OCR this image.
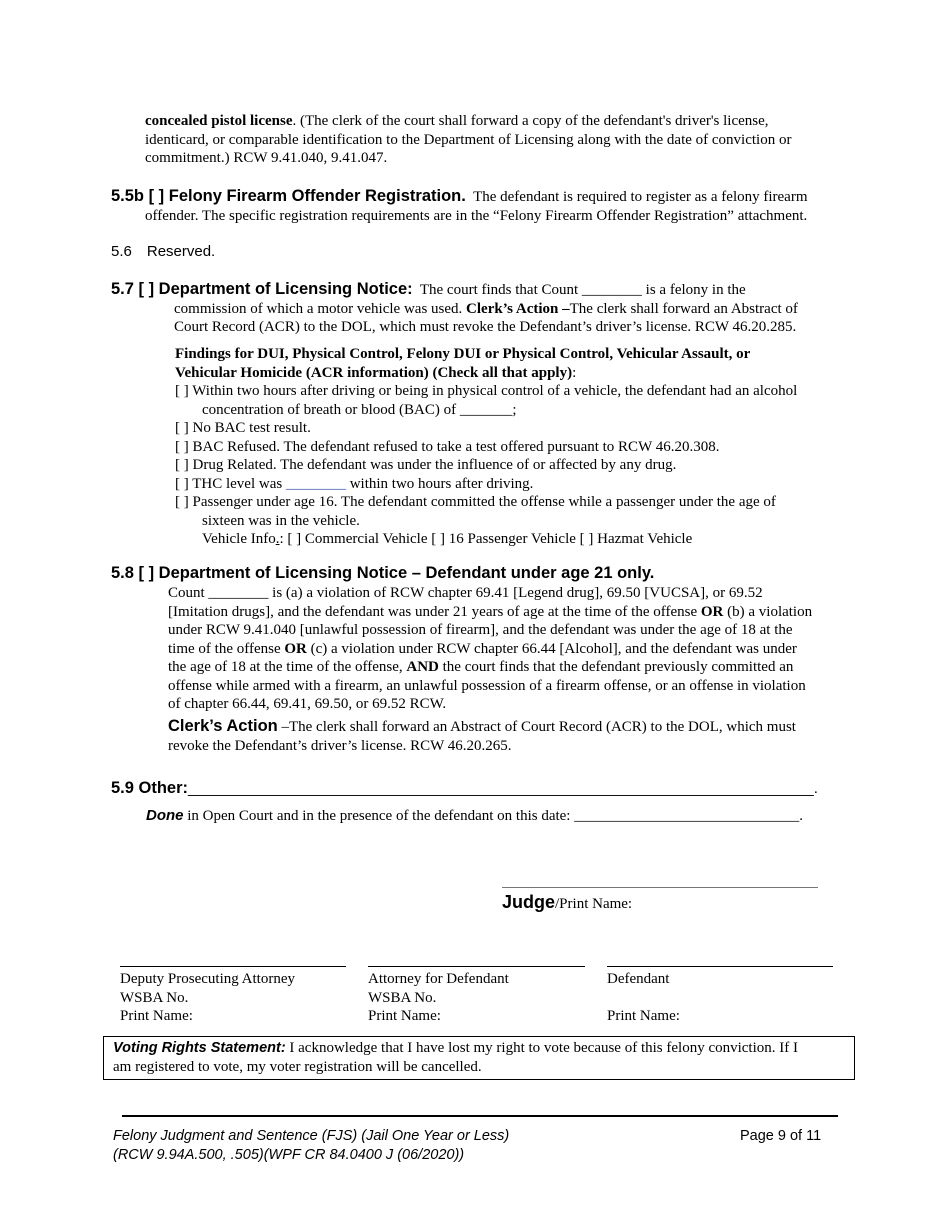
concealed pistol license. (The clerk of the court shall forward a copy of the defendant's driver's license,

identicard, or comparable identification to the Department of Licensing along with the date of conviction or

commitment.) RCW 9.41.040, 9.41.047.

5.5b [ ] Felony Firearm Offender Registration. The defendant is required to register as a felony firearm

offender. The specific registration requirements are in the “Felony Firearm Offender Registration” attachment.

5.6 Reserved.

5.7 [ ] Department of Licensing Notice: The court finds that Count ________ is a felony in the

commission of which a motor vehicle was used. Clerk’s Action –The clerk shall forward an Abstract of

Court Record (ACR) to the DOL, which must revoke the Defendant’s driver’s license. RCW 46.20.285.

Findings for DUI, Physical Control, Felony DUI or Physical Control, Vehicular Assault, or

Vehicular Homicide (ACR information) (Check all that apply):

[ ] Within two hours after driving or being in physical control of a vehicle, the defendant had an alcohol

concentration of breath or blood (BAC) of _______;

[ ] No BAC test result.

[ ] BAC Refused. The defendant refused to take a test offered pursuant to RCW 46.20.308.

[ ] Drug Related. The defendant was under the influence of or affected by any drug.

[ ] THC level was ________ within two hours after driving.

[ ] Passenger under age 16. The defendant committed the offense while a passenger under the age of

sixteen was in the vehicle.

Vehicle Info.: [ ] Commercial Vehicle [ ] 16 Passenger Vehicle [ ] Hazmat Vehicle

5.8 [ ] Department of Licensing Notice – Defendant under age 21 only.

Count ________ is (a) a violation of RCW chapter 69.41 [Legend drug], 69.50 [VUCSA], or 69.52

[Imitation drugs], and the defendant was under 21 years of age at the time of the offense OR (b) a violation

under RCW 9.41.040 [unlawful possession of firearm], and the defendant was under the age of 18 at the

time of the offense OR (c) a violation under RCW chapter 66.44 [Alcohol], and the defendant was under

the age of 18 at the time of the offense, AND the court finds that the defendant previously committed an

offense while armed with a firearm, an unlawful possession of a firearm offense, or an offense in violation

of chapter 66.44, 69.41, 69.50, or 69.52 RCW.

Clerk’s Action –The clerk shall forward an Abstract of Court Record (ACR) to the DOL, which must

revoke the Defendant’s driver’s license. RCW 46.20.265.

5.9 Other:___________________________________________________________________________.
Done in Open Court and in the presence of the defendant on this date: ______________________________.
Judge/Print Name:

Deputy Prosecuting Attorney

WSBA No.

Print Name:

Attorney for Defendant

WSBA No.

Print Name:

Defendant

Print Name:

Voting Rights Statement: I acknowledge that I have lost my right to vote because of this felony conviction. If I

am registered to vote, my voter registration will be cancelled.

Felony Judgment and Sentence (FJS) (Jail One Year or Less)

(RCW 9.94A.500, .505)(WPF CR 84.0400 J (06/2020))

Page 9 of 11
